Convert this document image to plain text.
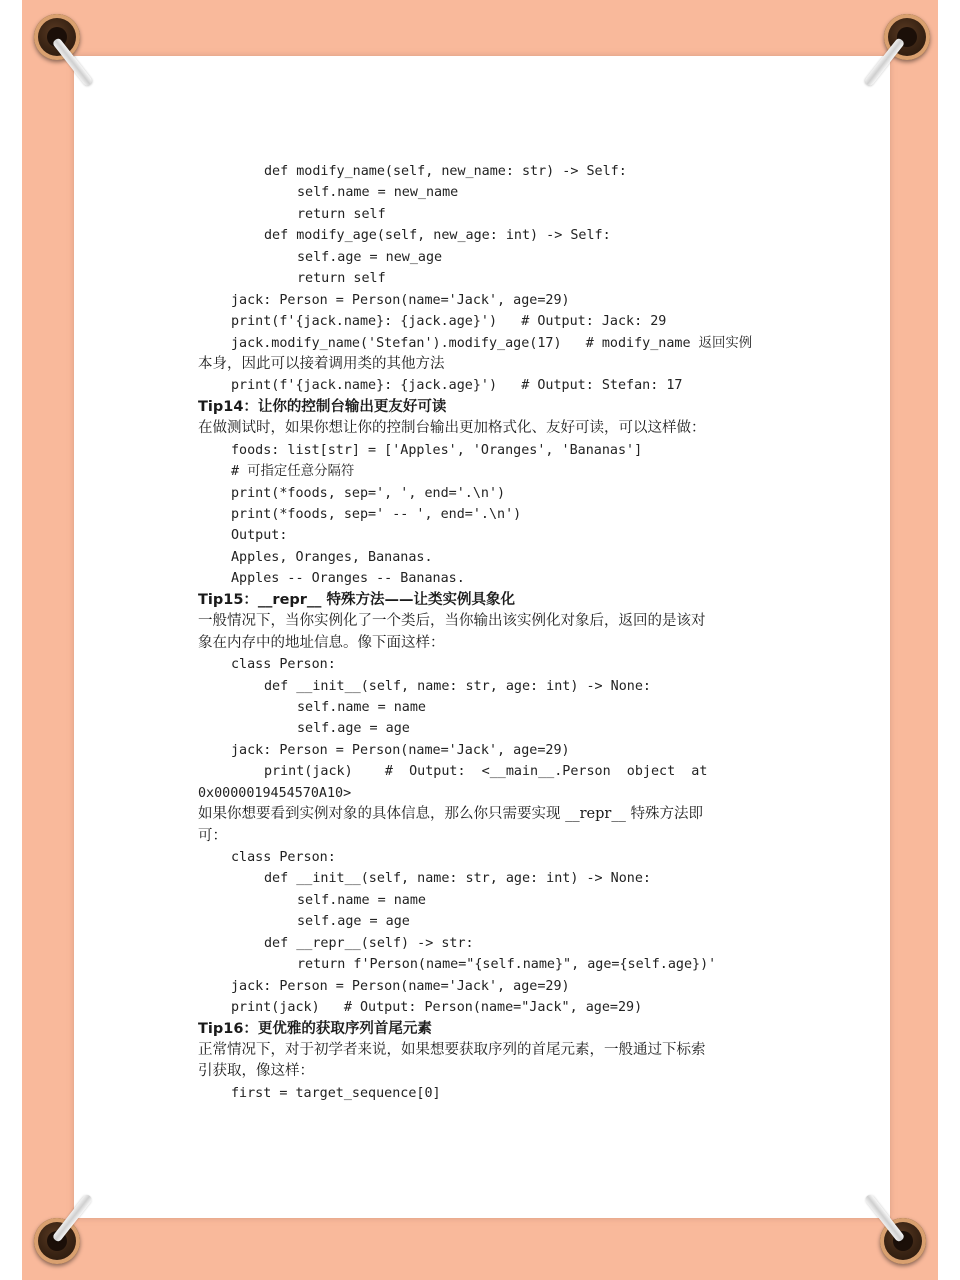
def modify_name(self, new_name: str) -> Self:
self.name = new_name
return self
def modify_age(self, new_age: int) -> Self:
self.age = new_age
return self
jack: Person = Person(name='Jack', age=29)
print(f'{jack.name}: {jack.age}')   # Output: Jack: 29
jack.modify_name('Stefan').modify_age(17)   # modify_name 返回实例
本身，因此可以接着调用类的其他方法
print(f'{jack.name}: {jack.age}')   # Output: Stefan: 17
Tip14：让你的控制台输出更友好可读
在做测试时，如果你想让你的控制台输出更加格式化、友好可读，可以这样做：
foods: list[str] = ['Apples', 'Oranges', 'Bananas']
# 可指定任意分隔符
print(*foods, sep=', ', end='.\n')
print(*foods, sep=' -- ', end='.\n')
Output:
Apples, Oranges, Bananas.
Apples -- Oranges -- Bananas.
Tip15：__repr__ 特殊方法——让类实例具象化
一般情况下，当你实例化了一个类后，当你输出该实例化对象后，返回的是该对
象在内存中的地址信息。像下面这样：
class Person:
def __init__(self, name: str, age: int) -> None:
self.name = name
self.age = age
jack: Person = Person(name='Jack', age=29)
print(jack)    #  Output:  <__main__.Person  object  at
0x0000019454570A10>
如果你想要看到实例对象的具体信息，那么你只需要实现 __repr__ 特殊方法即
可：
class Person:
def __init__(self, name: str, age: int) -> None:
self.name = name
self.age = age
def __repr__(self) -> str:
return f'Person(name="{self.name}", age={self.age})'
jack: Person = Person(name='Jack', age=29)
print(jack)   # Output: Person(name="Jack", age=29)
Tip16：更优雅的获取序列首尾元素
正常情况下，对于初学者来说，如果想要获取序列的首尾元素，一般通过下标索
引获取，像这样：
first = target_sequence[0]
